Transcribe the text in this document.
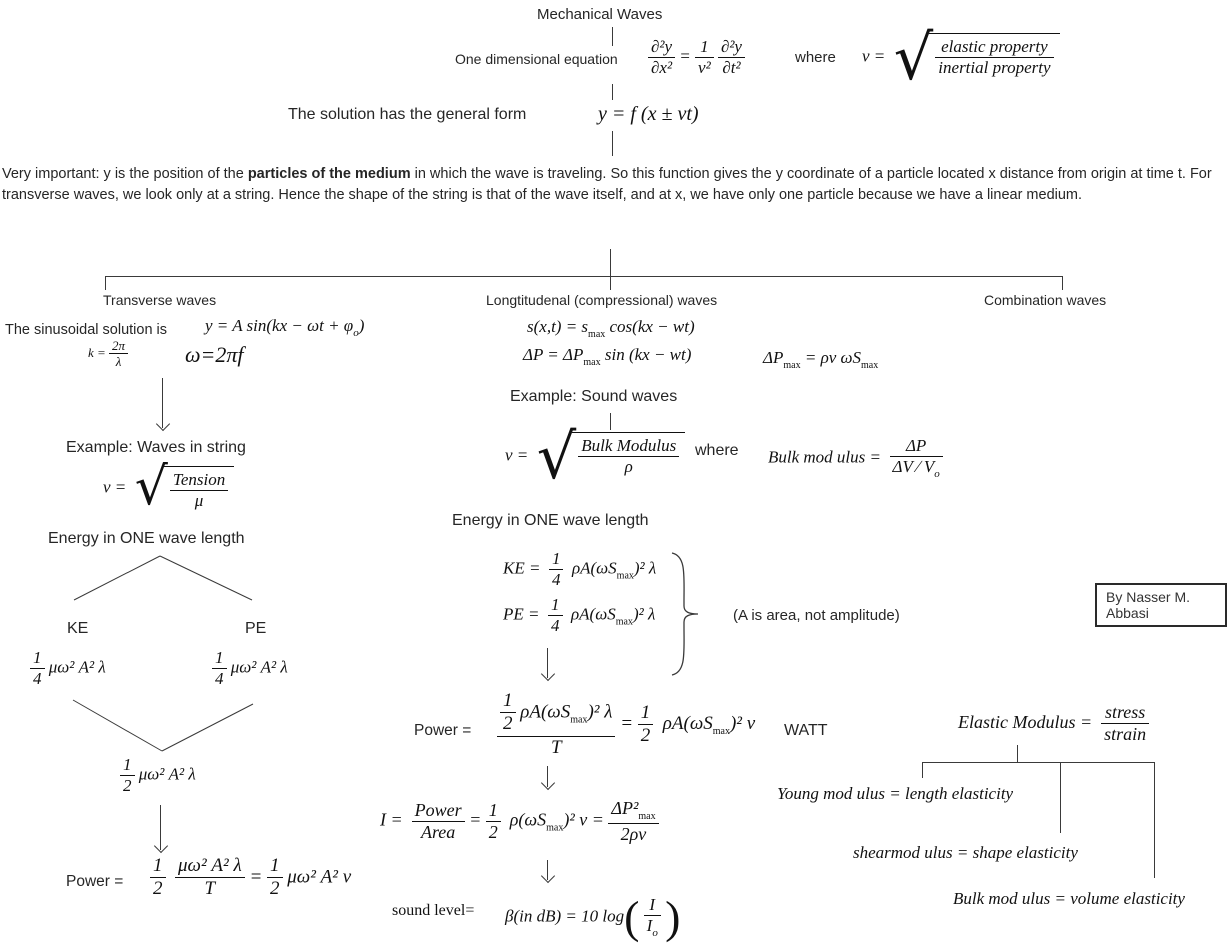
Mechanical Waves
One dimensional equation $\frac{\text{∂²y}}{\text{∂x²}} = \frac{1}{\text{v²}}$
$\frac{\text{∂²y}}{\text{∂t²}}$	where v = √ elastic property
inertial property
The solution has the general form	y = f (x ± vt)
Very important: y is the position of the particles of the medium in which the wave is traveling. So this function gives the y coordinate of a particle located x distance from origin at time t. For transverse waves, we look only at a string. Hence the shape of the string is that of the wave itself, and at x, we have only one particle because we have a linear medium.
Transverse waves	Longtitudenal (compressional) waves	Combination waves
The sinusoidal solution is y = A $\sin(kx - \omega t + \varphi_o)$
$k = \frac{2\pi}{\lambda}$	ω=2πf
Example: Waves in string
v = √ Tension
μ
Energy in ONE wave length
KE	PE
$\frac{1}{4} \mu\omega^2$ A² λ	$\frac{1}{4} \mu\omega^2$ A² λ
$\frac{1}{2} \mu\omega^2$ A² λ
Power = $\frac{1}{2}$
$\frac{\text{μω² A² λ}}{T} = \frac{1}{2} \mu\omega^2$ A² v
$s(x,t) = s_{max}$ cos(kx − wt)
$\Delta P = \Delta P_{max}$ sin (kx − wt)	$\Delta P_{max} = \rho v$ $\omega S_{max}$
Example: Sound waves
v = √ Bulk Modulus
ρ
where Bulk mod ulus = $\frac{\Delta P}{\Delta V ∕ V_o}$
Energy in ONE wave length
KE = $\frac{1}{4} \rho A(\omega S_{max})^2$ λ
PE = $\frac{1}{4} \rho A(\omega S_{max})^2$ λ	(A is area, not amplitude)
Power = $\frac{1}{2} \rho A(\omega S_{max})^2$ λ
T
= $\frac{1}{2} \rho A(\omega S_{max})^2$ v WATT
I = Power
Area
= $\frac{1}{2} \rho(\omega S_{max})^2$ v =
$\Delta P^2_{max}$
2ρv
sound level= β(in dB) = 10 $\log( \frac{I}{I_o}$ )
By Nasser M. Abbasi
Elastic Modulus = stress
strain
Young mod ulus = length elasticity
shearmod ulus = shape elasticity
Bulk mod ulus = volume elasticity
